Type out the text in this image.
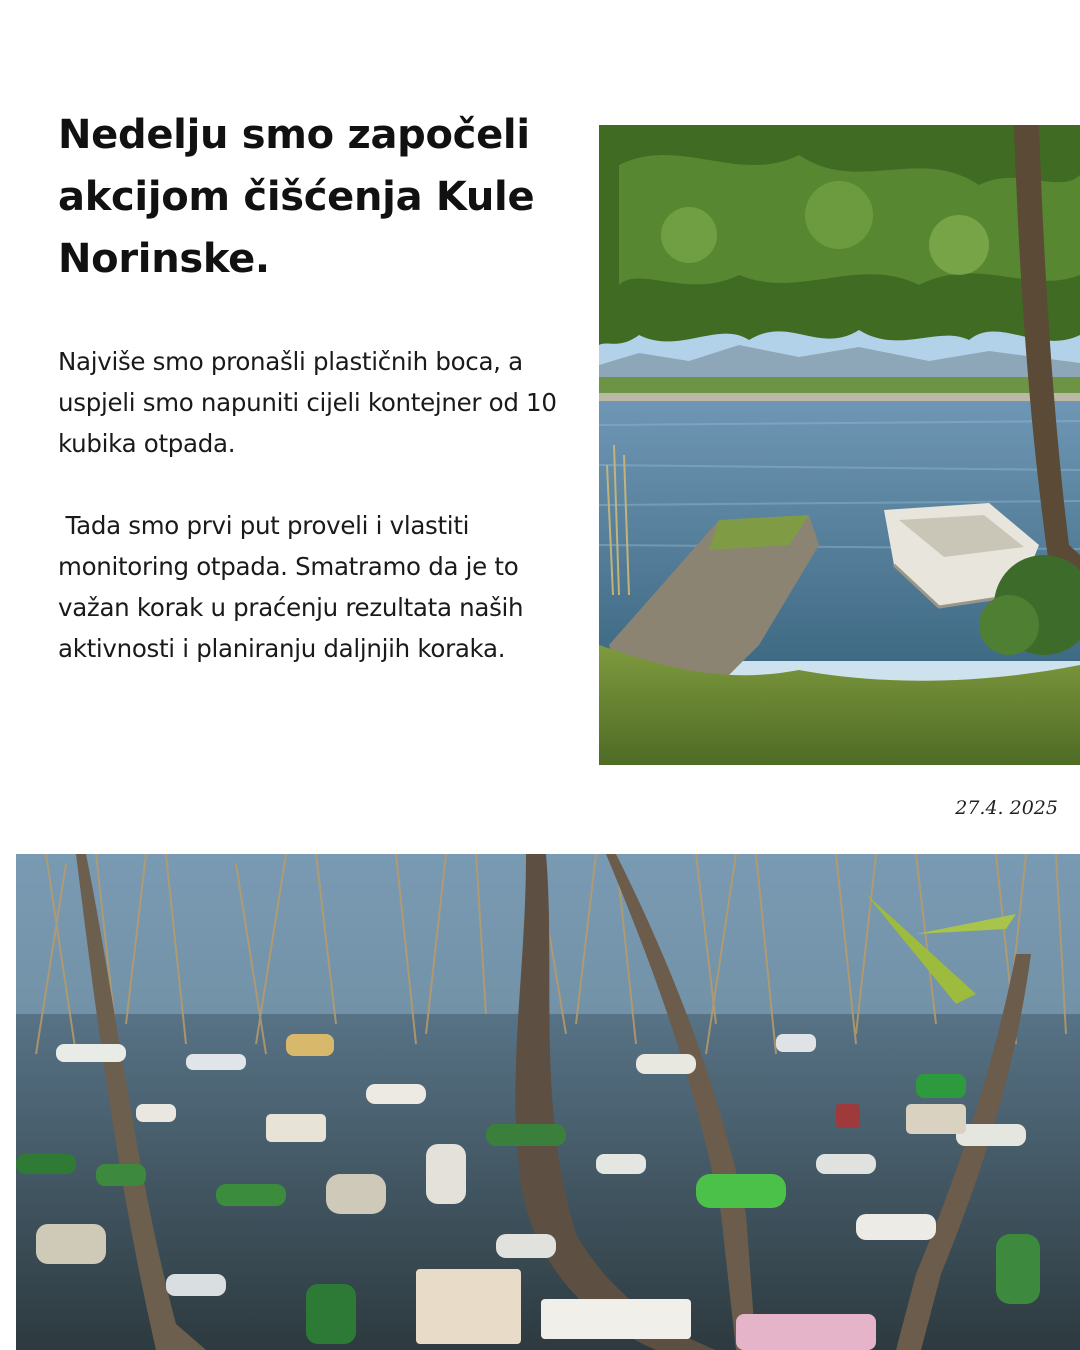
Nedelju smo započeli akcijom čišćenja Kule Norinske.

Najviše smo pronašli plastičnih boca, a uspjeli smo napuniti cijeli kontejner od 10 kubika otpada.

Tada smo prvi put proveli i vlastiti monitoring otpada. Smatramo da je to važan korak u praćenju rezultata naših aktivnosti i planiranju daljnjih koraka.

27.4. 2025
